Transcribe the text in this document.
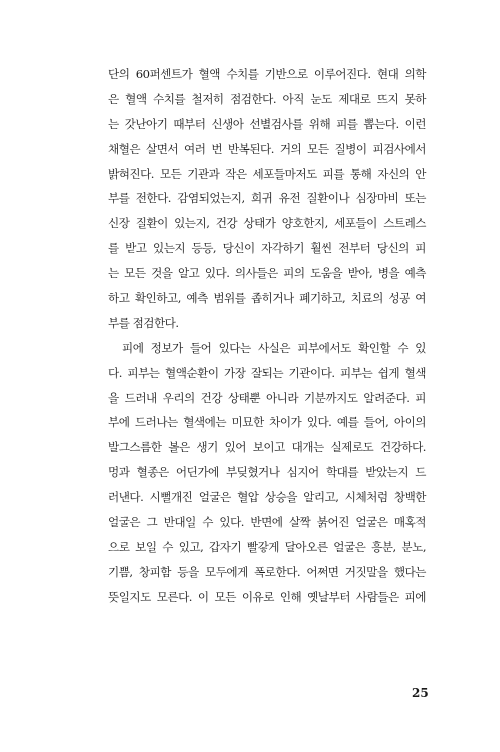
단의 60퍼센트가 혈액 수치를 기반으로 이루어진다. 현대 의학
은 혈액 수치를 철저히 점검한다. 아직 눈도 제대로 뜨지 못하
는 갓난아기 때부터 신생아 선별검사를 위해 피를 뽑는다. 이런
채혈은 살면서 여러 번 반복된다. 거의 모든 질병이 피검사에서
밝혀진다. 모든 기관과 작은 세포들마저도 피를 통해 자신의 안
부를 전한다. 감염되었는지, 희귀 유전 질환이나 심장마비 또는
신장 질환이 있는지, 건강 상태가 양호한지, 세포들이 스트레스
를 받고 있는지 등등, 당신이 자각하기 훨씬 전부터 당신의 피
는 모든 것을 알고 있다. 의사들은 피의 도움을 받아, 병을 예측
하고 확인하고, 예측 범위를 좁히거나 폐기하고, 치료의 성공 여
부를 점검한다.
피에 정보가 들어 있다는 사실은 피부에서도 확인할 수 있
다. 피부는 혈액순환이 가장 잘되는 기관이다. 피부는 쉽게 혈색
을 드러내 우리의 건강 상태뿐 아니라 기분까지도 알려준다. 피
부에 드러나는 혈색에는 미묘한 차이가 있다. 예를 들어, 아이의
발그스름한 볼은 생기 있어 보이고 대개는 실제로도 건강하다.
멍과 혈종은 어딘가에 부딪혔거나 심지어 학대를 받았는지 드
러낸다. 시뻘개진 얼굴은 혈압 상승을 알리고, 시체처럼 창백한
얼굴은 그 반대일 수 있다. 반면에 살짝 붉어진 얼굴은 매혹적
으로 보일 수 있고, 갑자기 빨갛게 달아오른 얼굴은 흥분, 분노,
기쁨, 창피함 등을 모두에게 폭로한다. 어쩌면 거짓말을 했다는
뜻일지도 모른다. 이 모든 이유로 인해 옛날부터 사람들은 피에
25
